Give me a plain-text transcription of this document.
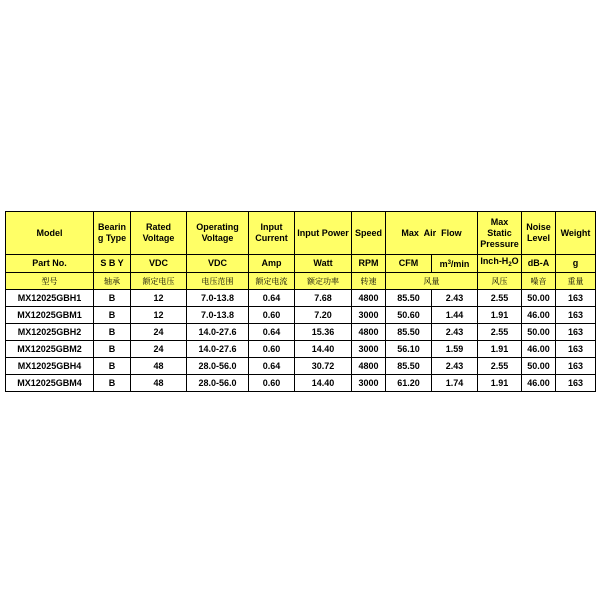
Model	Bearin g Type	Rated Voltage	Operating Voltage	Input Current	Input Power	Speed	Max  Air  Flow		Max Static Pressure	Noise Level	Weight
Part No.	S B Y	VDC	VDC	Amp	Watt	RPM	CFM	$m^3/\min$	Inch-$H_2O$	dB-A	g
型号	轴承	额定电压	电压范围	额定电流	额定功率	转速	风量		风压	噪音	重量
MX12025GBH1	B	12	7.0-13.8	0.64	7.68	4800	85.50	2.43	2.55	50.00	163
MX12025GBM1	B	12	7.0-13.8	0.60	7.20	3000	50.60	1.44	1.91	46.00	163
MX12025GBH2	B	24	14.0-27.6	0.64	15.36	4800	85.50	2.43	2.55	50.00	163
MX12025GBM2	B	24	14.0-27.6	0.60	14.40	3000	56.10	1.59	1.91	46.00	163
MX12025GBH4	B	48	28.0-56.0	0.64	30.72	4800	85.50	2.43	2.55	50.00	163
MX12025GBM4	B	48	28.0-56.0	0.60	14.40	3000	61.20	1.74	1.91	46.00	163
